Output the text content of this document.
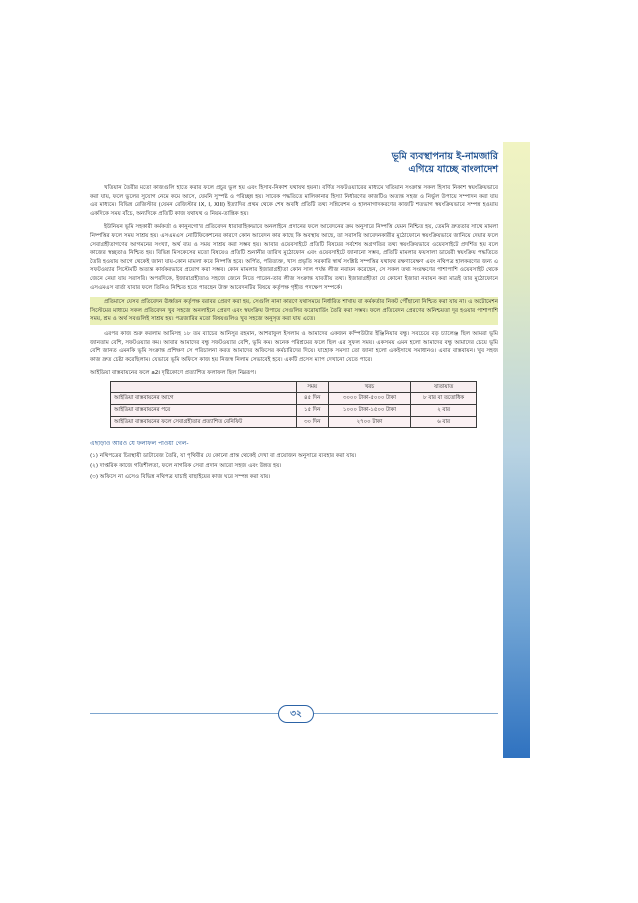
ভূমি ব্যবস্থাপনায় ই-নামজারি
এগিয়ে যাচ্ছে বাংলাদেশ

খতিয়ান তৈরীর মতো কাজগুলি হাতে করার ফলে প্রচুর ভুল হয় এবং হিসাব-নিকাশ যথাযথ হয়না। বর্ণিত সফটওয়্যারের মাধ্যমে খতিয়ান সংক্রান্ত সকল হিসাব নিকাশ স্বয়ংক্রিয়ভাবে করা যায়, ফলে ভুলের সুযোগ নেমে কমে আসে, যেমনি সুস্পষ্ট ও পরিচ্ছন্ন হয়। সাবেক পদ্ধতিতে মালিকানার হিস্যা নির্ধারণের কাজটিও অত্যন্ত সহজ ও নির্ভুল উপায়ে সম্পাদন করা যায় এর মাধ্যমে। বিভিন্ন রেজিস্টার (যেমন রেজিস্টার IX, I, XIII) ইত্যাদির প্রথম থেকে শেষ অবধি প্রতিটি তথ্য সন্নিবেশন ও হালনাগাদকরণের কাজটি শতভাগ স্বয়ংক্রিয়ভাবে সম্পন্ন হওয়ায় একদিকে সময় বাঁচে, অন্যদিকে প্রতিটি কাজ যথাযথ ও নিয়ম-তান্ত্রিক হয়।

ইউনিয়ন ভূমি সহকারী কর্মকর্তা ও কানুনগো'র প্রতিবেদন ধারাবাহিকভাবে অনলাইনে প্রদানের ফলে আবেদনের ক্রম অনুসারে নিষ্পত্তি যেমন নিশ্চিত হয়, তেমনি দ্রুততার সাথে মামলা নিষ্পত্তির ফলে সময় সাশ্রয় হয়। এসএমএস নোটিফিকেশনের কারণে কোন আবেদন কার কাছে কি অবস্থায় আছে, তা সরাসরি আবেদনকারীর মুঠোফোনে স্বয়ংক্রিয়ভাবে জানিয়ে দেয়ার ফলে সেবাগ্রহীতাগণের আগমনের সংখ্যা, অর্থ ব্যয় ও সময় সাশ্রয় করা সম্ভব হয়। আবার ওয়েবসাইটে প্রতিটি বিষয়ের সর্বশেষ অগ্রগতির তথ্য স্বয়ংক্রিয়ভাবে ওয়েবসাইটে প্রদর্শিত হয় বলে কাজের স্বচ্ছতাও নিশ্চিত হয়। বিভিন্ন মিসকেসের মতো বিষয়েও প্রতিটি শুনানীর তারিখ মুঠোফোন এবং ওয়েবসাইটে জানানো সম্ভব, প্রতিটি মামলার ফয়সালা ডায়েরী স্বয়ংক্রিয় পদ্ধতিতে তৈরি হওয়ায় আগে থেকেই জানা যায়-কোন মামলা কবে নিষ্পত্তি হবে। অর্পিত, পরিত্যক্ত, খাস প্রভৃতি সরকারি স্বার্থ সংশ্লিষ্ট সম্পত্তির যথাযথ রক্ষণাবেক্ষণ এবং নথিপত্র হালকরণের জন্য এ সফটওয়্যার সিস্টেমটি অত্যন্ত কার্যকরভাবে প্রয়োগ করা সম্ভব। কোন মামলার ইজারাগ্রহীতা কোন সাল পর্যন্ত লীজ নবায়ন করেছেন, সে সকল তথ্য সংরক্ষণের পাশাপাশি ওয়েবসাইট থেকে জেনে নেয়া যায় সরাসরি। অপরদিকে, ইজারাগ্রহীতাও সহজে জেনে নিতে পারেন-তার লীজ সংক্রান্ত যাবতীয় তথ্য। ইজারাগ্রহীতা যে কোনো ইজারা নবায়ন করা মাত্রই তার মুঠোফোনে এসএমএস বার্তা যাবার ফলে তিনিও নিশ্চিত হতে পারছেন উক্ত আবেদনটির বিষয়ে কর্তৃপক্ষ গৃহীত পদক্ষেপ সম্পর্কে।

প্রতিমাসে যেসব প্রতিবেদন ঊর্ধ্বতন কর্তৃপক্ষ বরাবর প্রেরণ করা হয়, সেগুলি নানা কারণে যথাসময়ে নির্ধারিত শাখায় বা কর্মকর্তার নিকট পৌঁছানো নিশ্চিত করা যায় না। এ অটোমেশন সিস্টেমের মাধ্যমে সকল প্রতিবেদন খুব সহজে অনলাইনে প্রেরণ এবং স্বয়ংক্রিয় উপায়ে সেগুলির ফরোয়ার্ডিং তৈরি করা সম্ভব। ফলে প্রতিবেদন প্রেরণের অনিশ্চয়তা দূর হওয়ার পাশাপাশি সময়, শ্রম ও অর্থ সবগুলিই সাশ্রয় হয়। পত্রজারির মতো বিষয়গুলিও খুব সহজে অনুসৃত করা যায় এতে।

এরপর কাজ শুরু করলাম আমিসহ ১৮ তম ব্যাচের আনিসুর রহমান, আশরাফুল ইসলাম ও আমাদের একজন কম্পিউটার ইঞ্জিনিয়ার বন্ধু। সবচেয়ে বড় চ্যালেঞ্জ ছিল আমরা ভূমি জানতাম বেশি, সফটওয়্যার কম। আবার আমাদের বন্ধু সফটওয়্যার বেশি, ভূমি কম। অনেক পরিশ্রমের ফলে ছিল এর সুফল সময়। একসময় এমন হলো আমাদের বন্ধু আমাদের চেয়ে ভূমি বেশি জানত এমনকি ভূমি সংক্রান্ত প্রশিক্ষণ সে পরিচালনা করত আমাদের অফিসের কর্মচারিদের দিয়ে। যাহোক সমস্যা তো জানা হলো একইসাথে সমাধানও। এবার বাস্তবায়ন। খুব সহজ কাজ দ্রুত চেষ্টা করেছিলাম। যেভাবে ভূমি অফিসে কাজ হয় নিজস্ব নিলাম সেভাবেই হবে। একটি প্রসেস ম্যাপ দেখানো যেতে পারে।

আইডিয়া বাস্তবায়নের ফলে a2i দৃষ্টিকোণে প্রত্যাশিত ফলাফল ছিল নিম্নরূপ।
	সময়	খরচ	যাতায়াত
আইডিয়া বাস্তবায়নের আগে	৪৫ দিন	৩০০০ টাকা-৫০০০ টাকা	৮ বার বা ততোধিক
আইডিয়া বাস্তবায়নের পরে	১৫ দিন	১০০০ টাকা-১৫০০ টাকা	২ বার
আইডিয়া বাস্তবায়নের ফলে সেবাগ্রহীতার প্রত্যাশিত বেনিফিট	৩০ দিন	২৭০০ টাকা	৬ বার
এছাড়াও আরও যে ফলাফল পাওয়া গেল-
(১) নথিপত্রের চিরস্থায়ী ডাটাবেজ তৈরি, যা পৃথিবীর যে কোনো প্রান্ত থেকেই দেখা বা প্রয়োজন অনুসারে ব্যবহার করা যায়।
(২) দাপ্তরিক কাজে গতিশীলতা, ফলে নাগরিক সেবা প্রদান আরো সহজ এবং উন্নত হয়।
(৩) অফিসে না এসেও বিভিন্ন নথিপত্র যাচাই বাছাইয়ের কাজ ঘরে সম্পন্ন করা যায়।
৩২
